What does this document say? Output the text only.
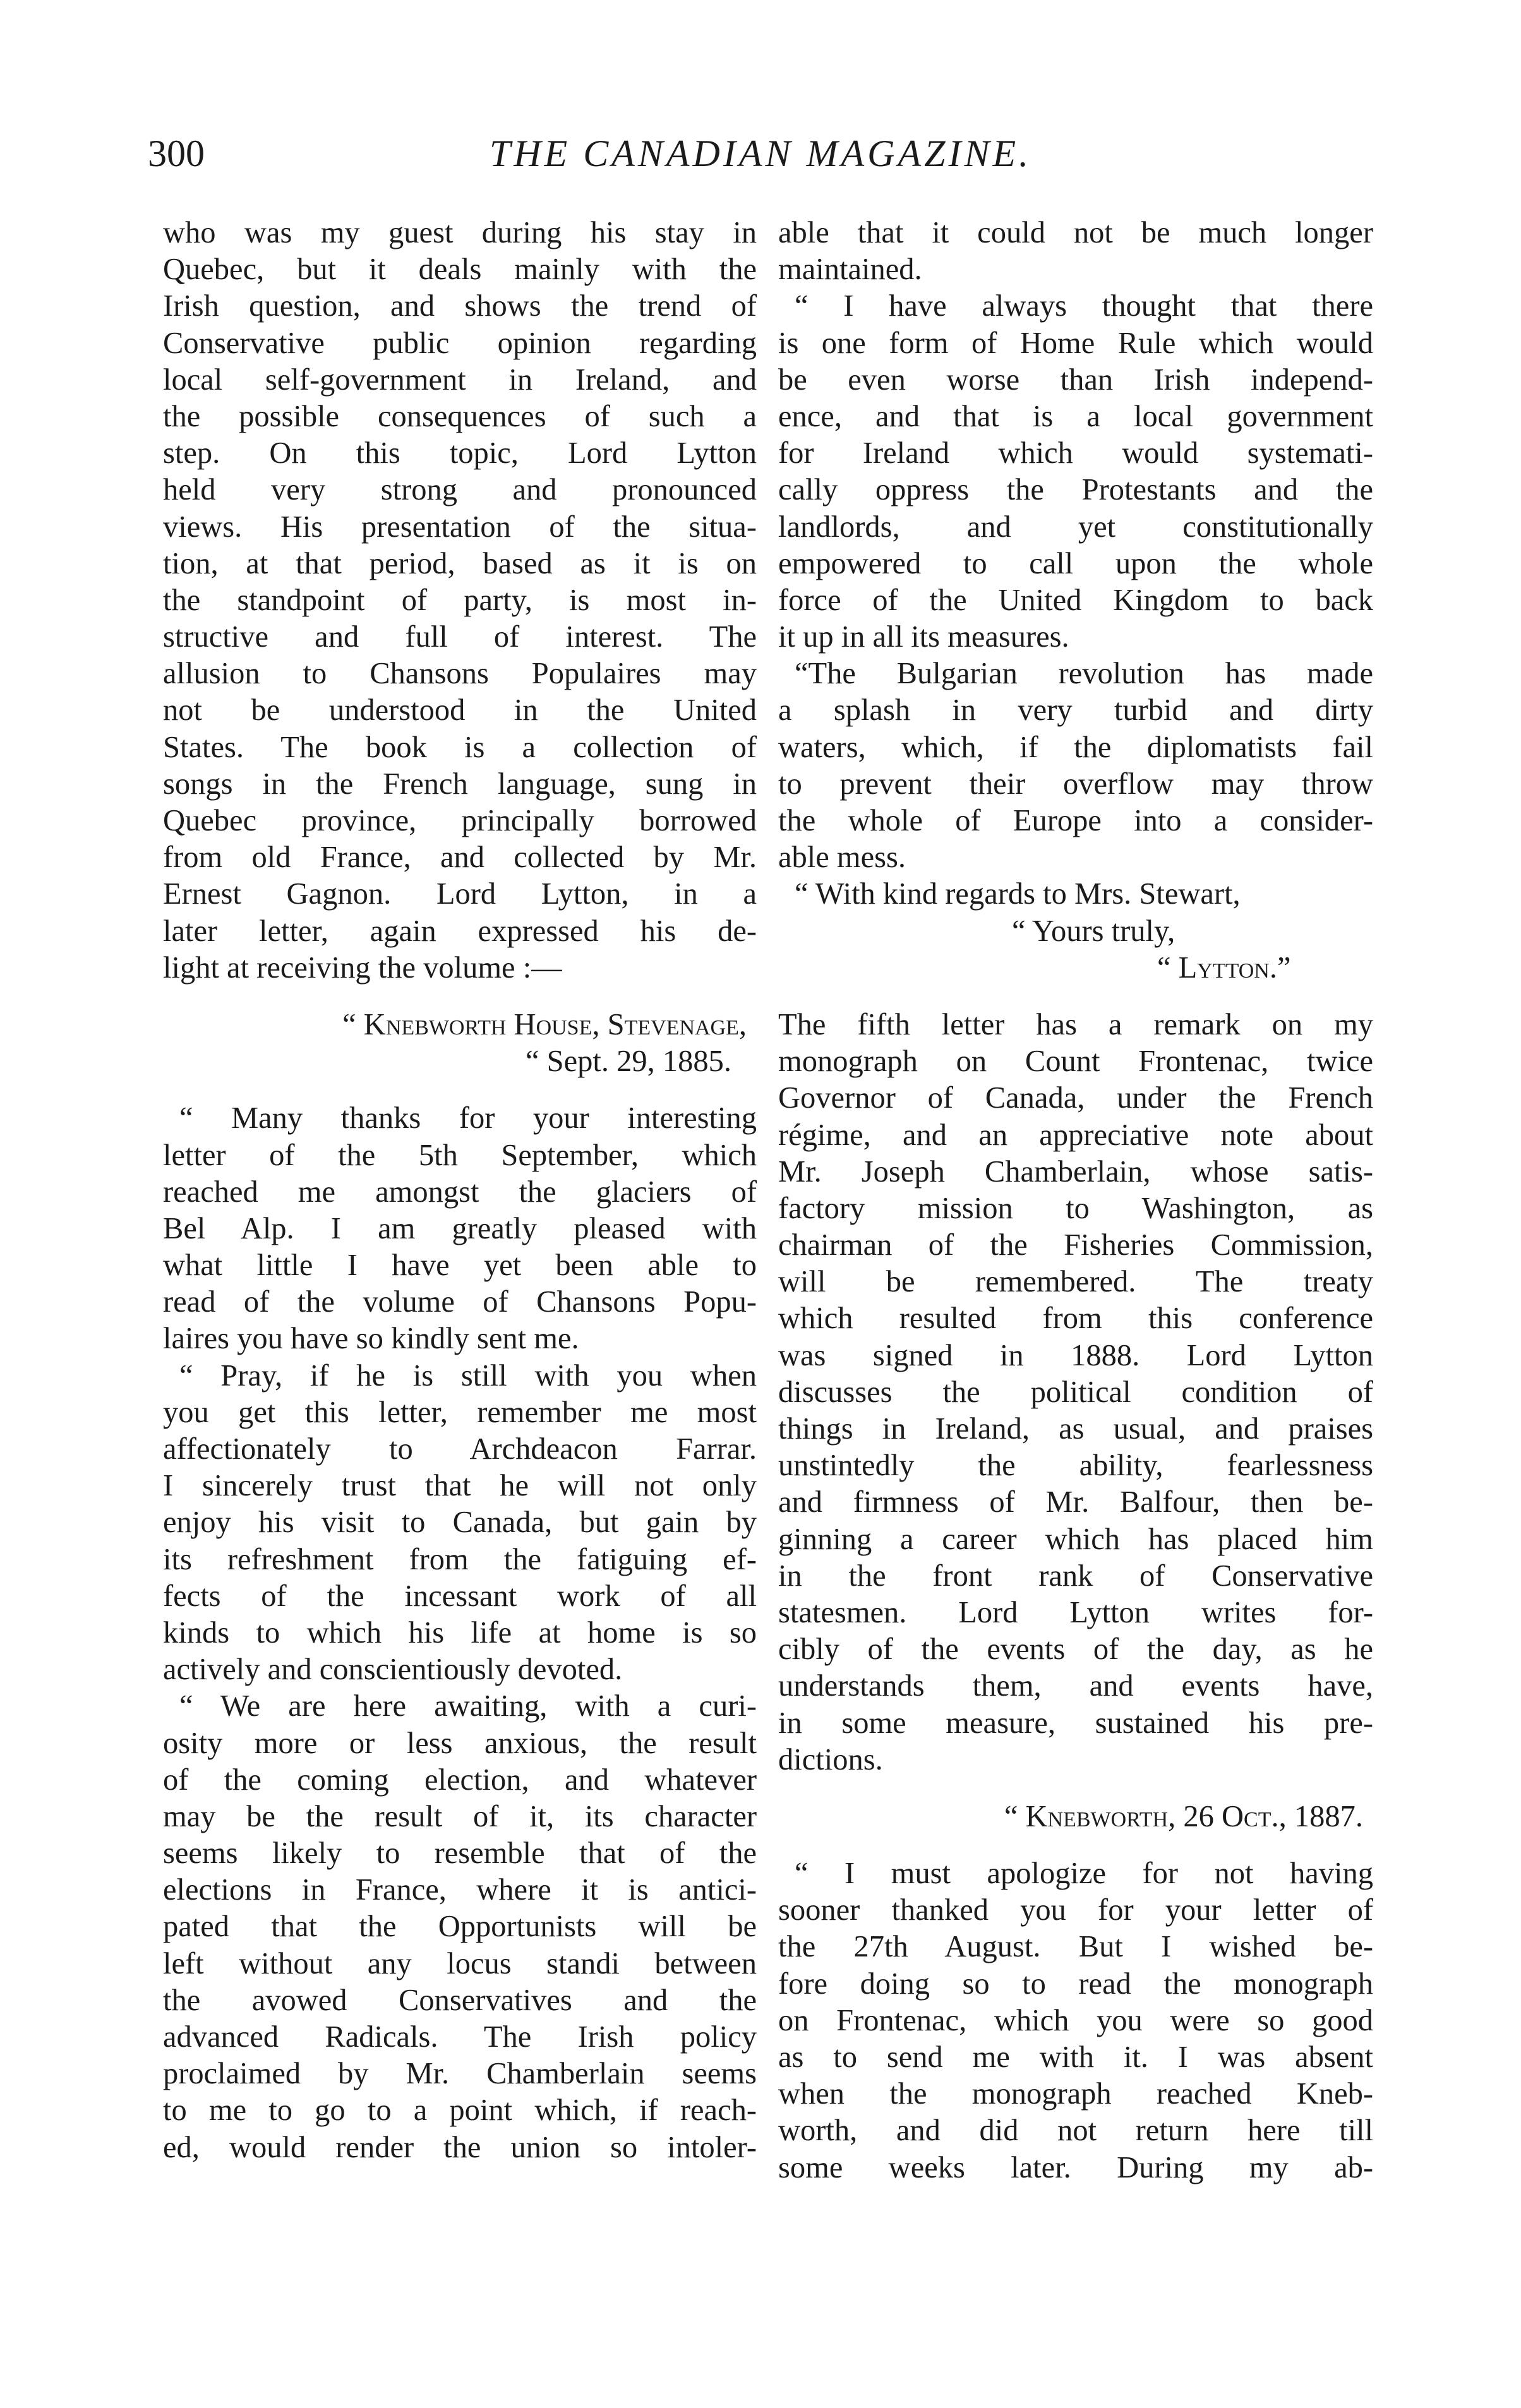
300	THE CANADIAN MAGAZINE.
who was my guest during his stay in
Quebec, but it deals mainly with the
Irish question, and shows the trend of
Conservative public opinion regarding
local self-government in Ireland, and
the possible consequences of such a
step. On this topic, Lord Lytton
held very strong and pronounced
views. His presentation of the situa-
tion, at that period, based as it is on
the standpoint of party, is most in-
structive and full of interest. The
allusion to Chansons Populaires may
not be understood in the United
States. The book is a collection of
songs in the French language, sung in
Quebec province, principally borrowed
from old France, and collected by Mr.
Ernest Gagnon. Lord Lytton, in a
later letter, again expressed his de-
light at receiving the volume :—
“ Knebworth House, Stevenage,
“ Sept. 29, 1885.
“ Many thanks for your interesting
letter of the 5th September, which
reached me amongst the glaciers of
Bel Alp. I am greatly pleased with
what little I have yet been able to
read of the volume of Chansons Popu-
laires you have so kindly sent me.
“ Pray, if he is still with you when
you get this letter, remember me most
affectionately to Archdeacon Farrar.
I sincerely trust that he will not only
enjoy his visit to Canada, but gain by
its refreshment from the fatiguing ef-
fects of the incessant work of all
kinds to which his life at home is so
actively and conscientiously devoted.
“ We are here awaiting, with a curi-
osity more or less anxious, the result
of the coming election, and whatever
may be the result of it, its character
seems likely to resemble that of the
elections in France, where it is antici-
pated that the Opportunists will be
left without any locus standi between
the avowed Conservatives and the
advanced Radicals. The Irish policy
proclaimed by Mr. Chamberlain seems
to me to go to a point which, if reach-
ed, would render the union so intoler-
able that it could not be much longer
maintained.
“ I have always thought that there
is one form of Home Rule which would
be even worse than Irish independ-
ence, and that is a local government
for Ireland which would systemati-
cally oppress the Protestants and the
landlords, and yet constitutionally
empowered to call upon the whole
force of the United Kingdom to back
it up in all its measures.
“The Bulgarian revolution has made
a splash in very turbid and dirty
waters, which, if the diplomatists fail
to prevent their overflow may throw
the whole of Europe into a consider-
able mess.
“ With kind regards to Mrs. Stewart,
“ Yours truly,
“ Lytton.”
The fifth letter has a remark on my
monograph on Count Frontenac, twice
Governor of Canada, under the French
régime, and an appreciative note about
Mr. Joseph Chamberlain, whose satis-
factory mission to Washington, as
chairman of the Fisheries Commission,
will be remembered. The treaty
which resulted from this conference
was signed in 1888. Lord Lytton
discusses the political condition of
things in Ireland, as usual, and praises
unstintedly the ability, fearlessness
and firmness of Mr. Balfour, then be-
ginning a career which has placed him
in the front rank of Conservative
statesmen. Lord Lytton writes for-
cibly of the events of the day, as he
understands them, and events have,
in some measure, sustained his pre-
dictions.
“ Knebworth, 26 Oct., 1887.
“ I must apologize for not having
sooner thanked you for your letter of
the 27th August. But I wished be-
fore doing so to read the monograph
on Frontenac, which you were so good
as to send me with it. I was absent
when the monograph reached Kneb-
worth, and did not return here till
some weeks later. During my ab-
